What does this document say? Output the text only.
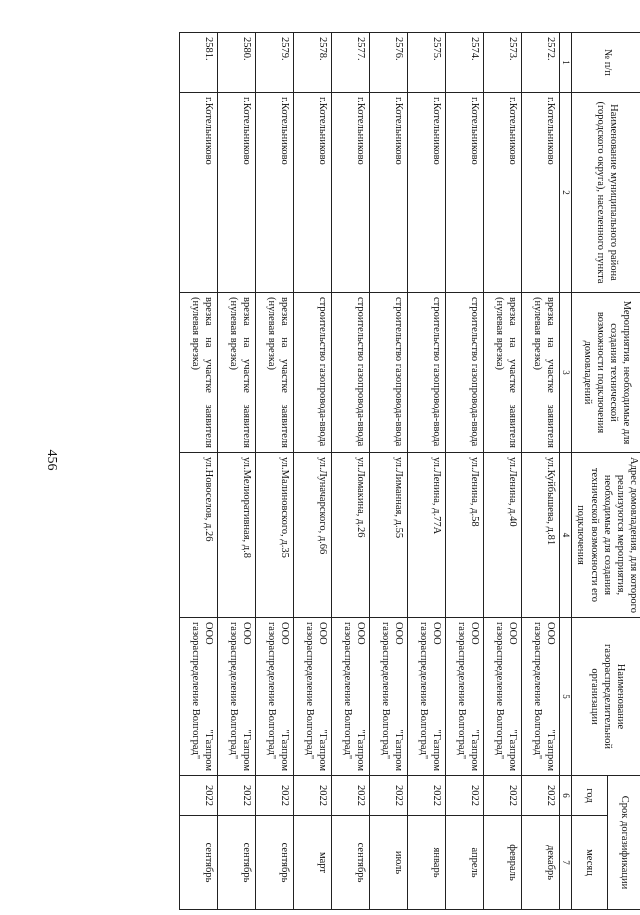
456
№ п/п	Наименование муниципального района (городского округа), населенного пункта	Мероприятия, необходимые для создания технической возможности подключения домовладений	Адрес домовладения, для которого реализуются мероприятия, необходимые для создания технической возможности его подключения	Наименование газораспределительной организации	Срок догазификации	
					год	месяц
1	2	3	4	5	6	7
2572.	г.Котельниково	врезка на участке заявителя (нулевая врезка)	ул.Куйбышева, д.81	ООО "Газпром газораспределение Волгоград"	2022	декабрь
2573.	г.Котельниково	врезка на участке заявителя (нулевая врезка)	ул.Ленина, д.40	ООО "Газпром газораспределение Волгоград"	2022	февраль
2574.	г.Котельниково	строительство газопровода-ввода	ул.Ленина, д.58	ООО "Газпром газораспределение Волгоград"	2022	апрель
2575.	г.Котельниково	строительство газопровода-ввода	ул.Ленина, д.77А	ООО "Газпром газораспределение Волгоград"	2022	январь
2576.	г.Котельниково	строительство газопровода-ввода	ул.Лиманная, д.55	ООО "Газпром газораспределение Волгоград"	2022	июль
2577.	г.Котельниково	строительство газопровода-ввода	ул.Ломакина, д.26	ООО "Газпром газораспределение Волгоград"	2022	сентябрь
2578.	г.Котельниково	строительство газопровода-ввода	ул.Луначарского, д.66	ООО "Газпром газораспределение Волгоград"	2022	март
2579.	г.Котельниково	врезка на участке заявителя (нулевая врезка)	ул.Малиновского, д.35	ООО "Газпром газораспределение Волгоград"	2022	сентябрь
2580.	г.Котельниково	врезка на участке заявителя (нулевая врезка)	ул.Мелиоративная, д.8	ООО "Газпром газораспределение Волгоград"	2022	сентябрь
2581.	г.Котельниково	врезка на участке заявителя (нулевая врезка)	ул.Новоселов, д.26	ООО "Газпром газораспределение Волгоград"	2022	сентябрь
